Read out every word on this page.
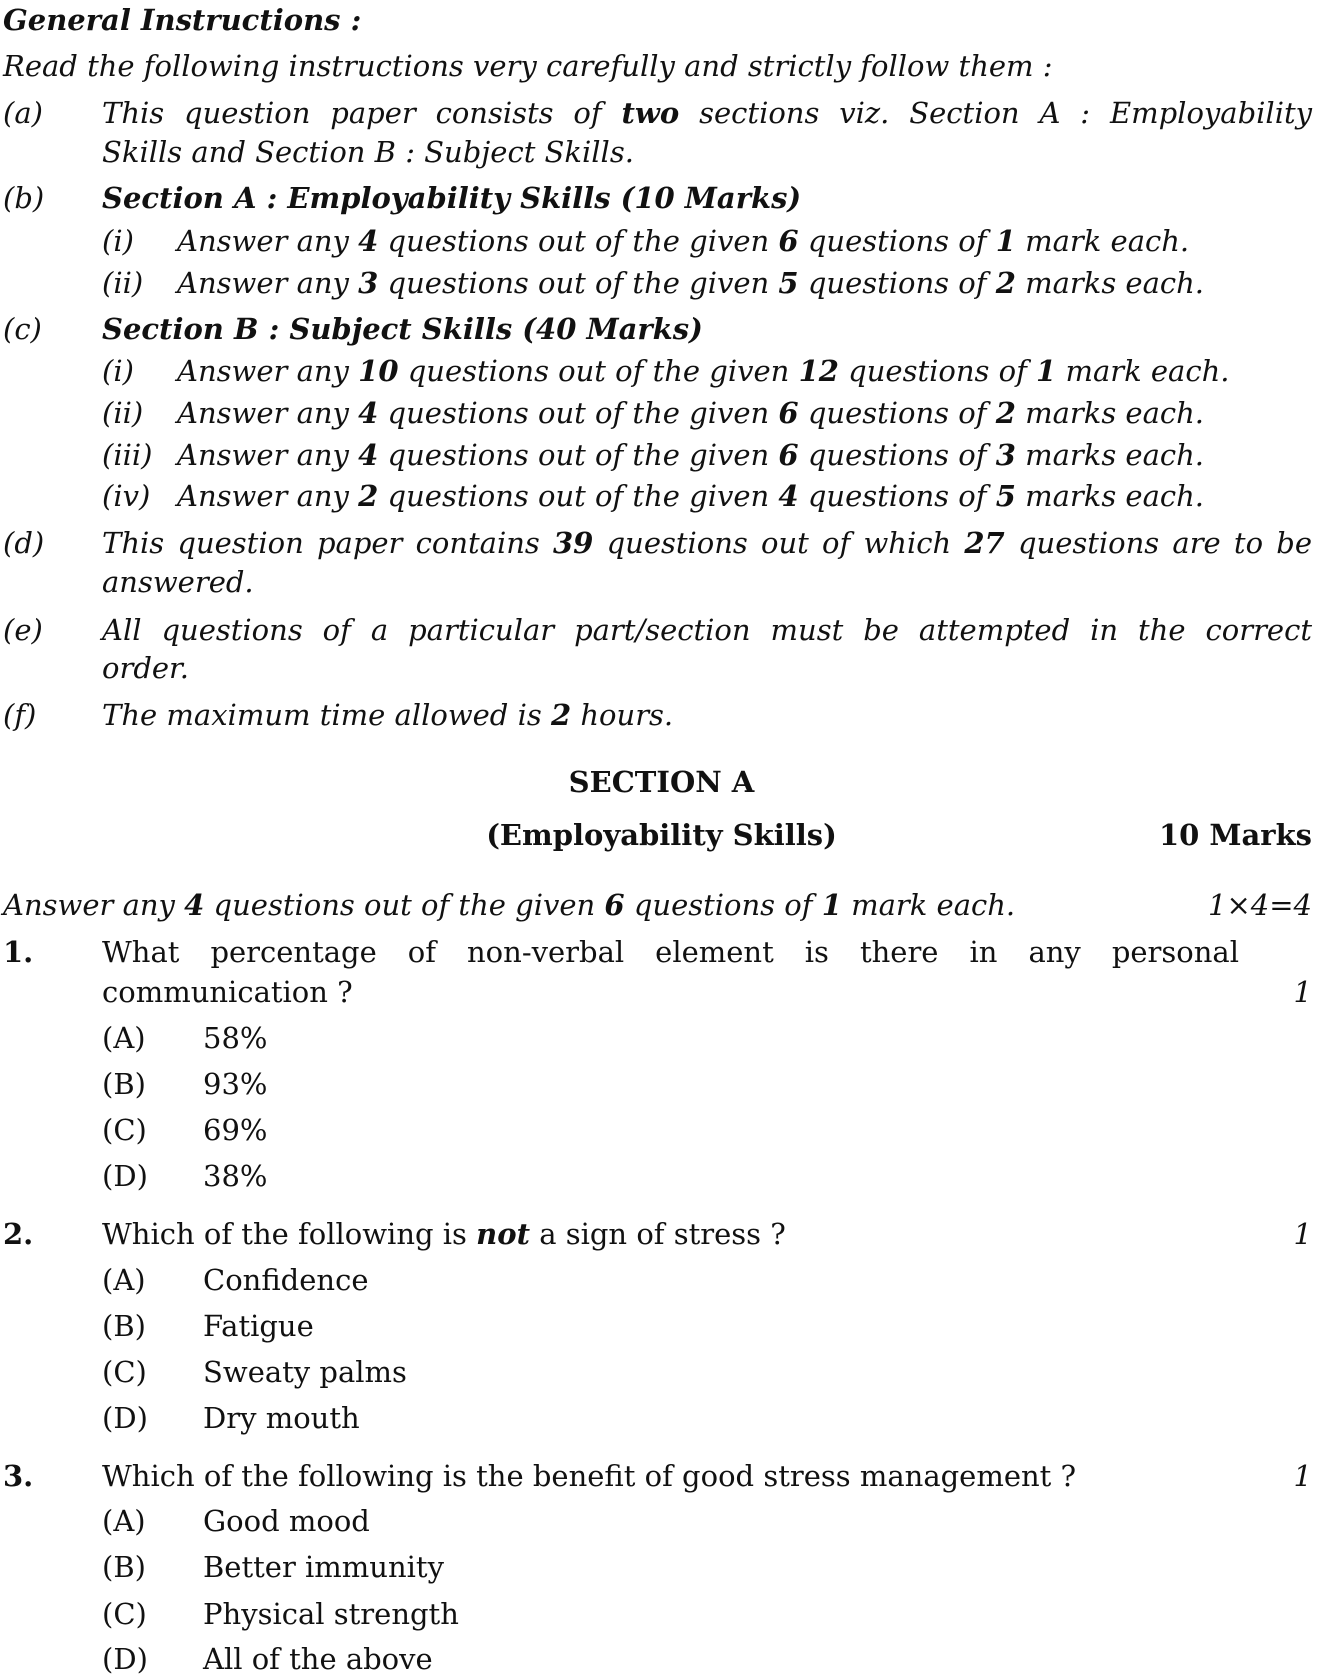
General Instructions :
Read the following instructions very carefully and strictly follow them :
(a) This question paper consists of two sections viz. Section A : Employability
Skills and Section B : Subject Skills.
(b) Section A : Employability Skills (10 Marks)
(i) Answer any 4 questions out of the given 6 questions of 1 mark each.
(ii) Answer any 3 questions out of the given 5 questions of 2 marks each.
(c) Section B : Subject Skills (40 Marks)
(i) Answer any 10 questions out of the given 12 questions of 1 mark each.
(ii) Answer any 4 questions out of the given 6 questions of 2 marks each.
(iii) Answer any 4 questions out of the given 6 questions of 3 marks each.
(iv) Answer any 2 questions out of the given 4 questions of 5 marks each.
(d) This question paper contains 39 questions out of which 27 questions are to be
answered.
(e) All questions of a particular part/section must be attempted in the correct
order.
(f) The maximum time allowed is 2 hours.
SECTION A
(Employability Skills)	10 Marks
Answer any 4 questions out of the given 6 questions of 1 mark each.	1×4=4
1. What percentage of non-verbal element is there in any personal
communication ?	1
(A) 58%
(B) 93%
(C) 69%
(D) 38%
2. Which of the following is not a sign of stress ?	1
(A) Confidence
(B) Fatigue
(C) Sweaty palms
(D) Dry mouth
3. Which of the following is the benefit of good stress management ?	1
(A) Good mood
(B) Better immunity
(C) Physical strength
(D) All of the above
